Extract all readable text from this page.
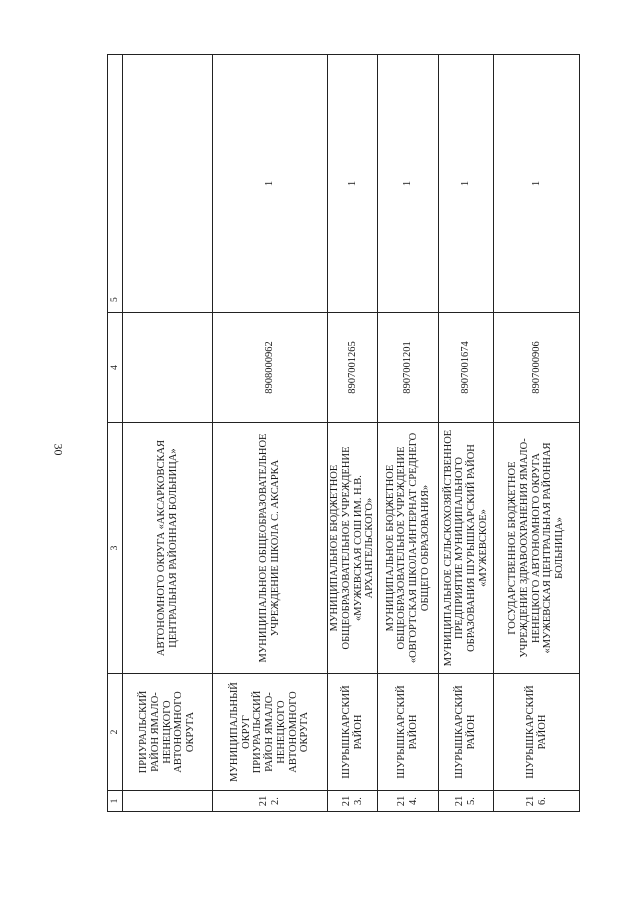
30
1	2	3	4	5
	ПРИУРАЛЬСКИЙ РАЙОН ЯМАЛО-НЕНЕЦКОГО АВТОНОМНОГО ОКРУГА	АВТОНОМНОГО ОКРУГА «АКСАРКОВСКАЯ ЦЕНТРАЛЬНАЯ РАЙОННАЯ БОЛЬНИЦА»		
212.	МУНИЦИПАЛЬНЫЙ ОКРУГ ПРИУРАЛЬСКИЙ РАЙОН ЯМАЛО-НЕНЕЦКОГО АВТОНОМНОГО ОКРУГА	МУНИЦИПАЛЬНОЕ ОБЩЕОБРАЗОВАТЕЛЬНОЕ УЧРЕЖДЕНИЕ ШКОЛА С. АКСАРКА	8908000962	1
213.	ШУРЫШКАРСКИЙ РАЙОН	МУНИЦИПАЛЬНОЕ БЮДЖЕТНОЕ ОБЩЕОБРАЗОВАТЕЛЬНОЕ УЧРЕЖДЕНИЕ «МУЖЕВСКАЯ СОШ ИМ. Н.В. АРХАНГЕЛЬСКОГО»	8907001265	1
214.	ШУРЫШКАРСКИЙ РАЙОН	МУНИЦИПАЛЬНОЕ БЮДЖЕТНОЕ ОБЩЕОБРАЗОВАТЕЛЬНОЕ УЧРЕЖДЕНИЕ «ОВГОРТСКАЯ ШКОЛА-ИНТЕРНАТ СРЕДНЕГО ОБЩЕГО ОБРАЗОВАНИЯ»	8907001201	1
215.	ШУРЫШКАРСКИЙ РАЙОН	МУНИЦИПАЛЬНОЕ СЕЛЬСКОХОЗЯЙСТВЕННОЕ ПРЕДПРИЯТИЕ МУНИЦИПАЛЬНОГО ОБРАЗОВАНИЯ ШУРЫШКАРСКИЙ РАЙОН «МУЖЕВСКОЕ»	8907001674	1
216.	ШУРЫШКАРСКИЙ РАЙОН	ГОСУДАРСТВЕННОЕ БЮДЖЕТНОЕ УЧРЕЖДЕНИЕ ЗДРАВООХРАНЕНИЯ ЯМАЛО-НЕНЕЦКОГО АВТОНОМНОГО ОКРУГА «МУЖЕВСКАЯ ЦЕНТРАЛЬНАЯ РАЙОННАЯ БОЛЬНИЦА»	8907000906	1
